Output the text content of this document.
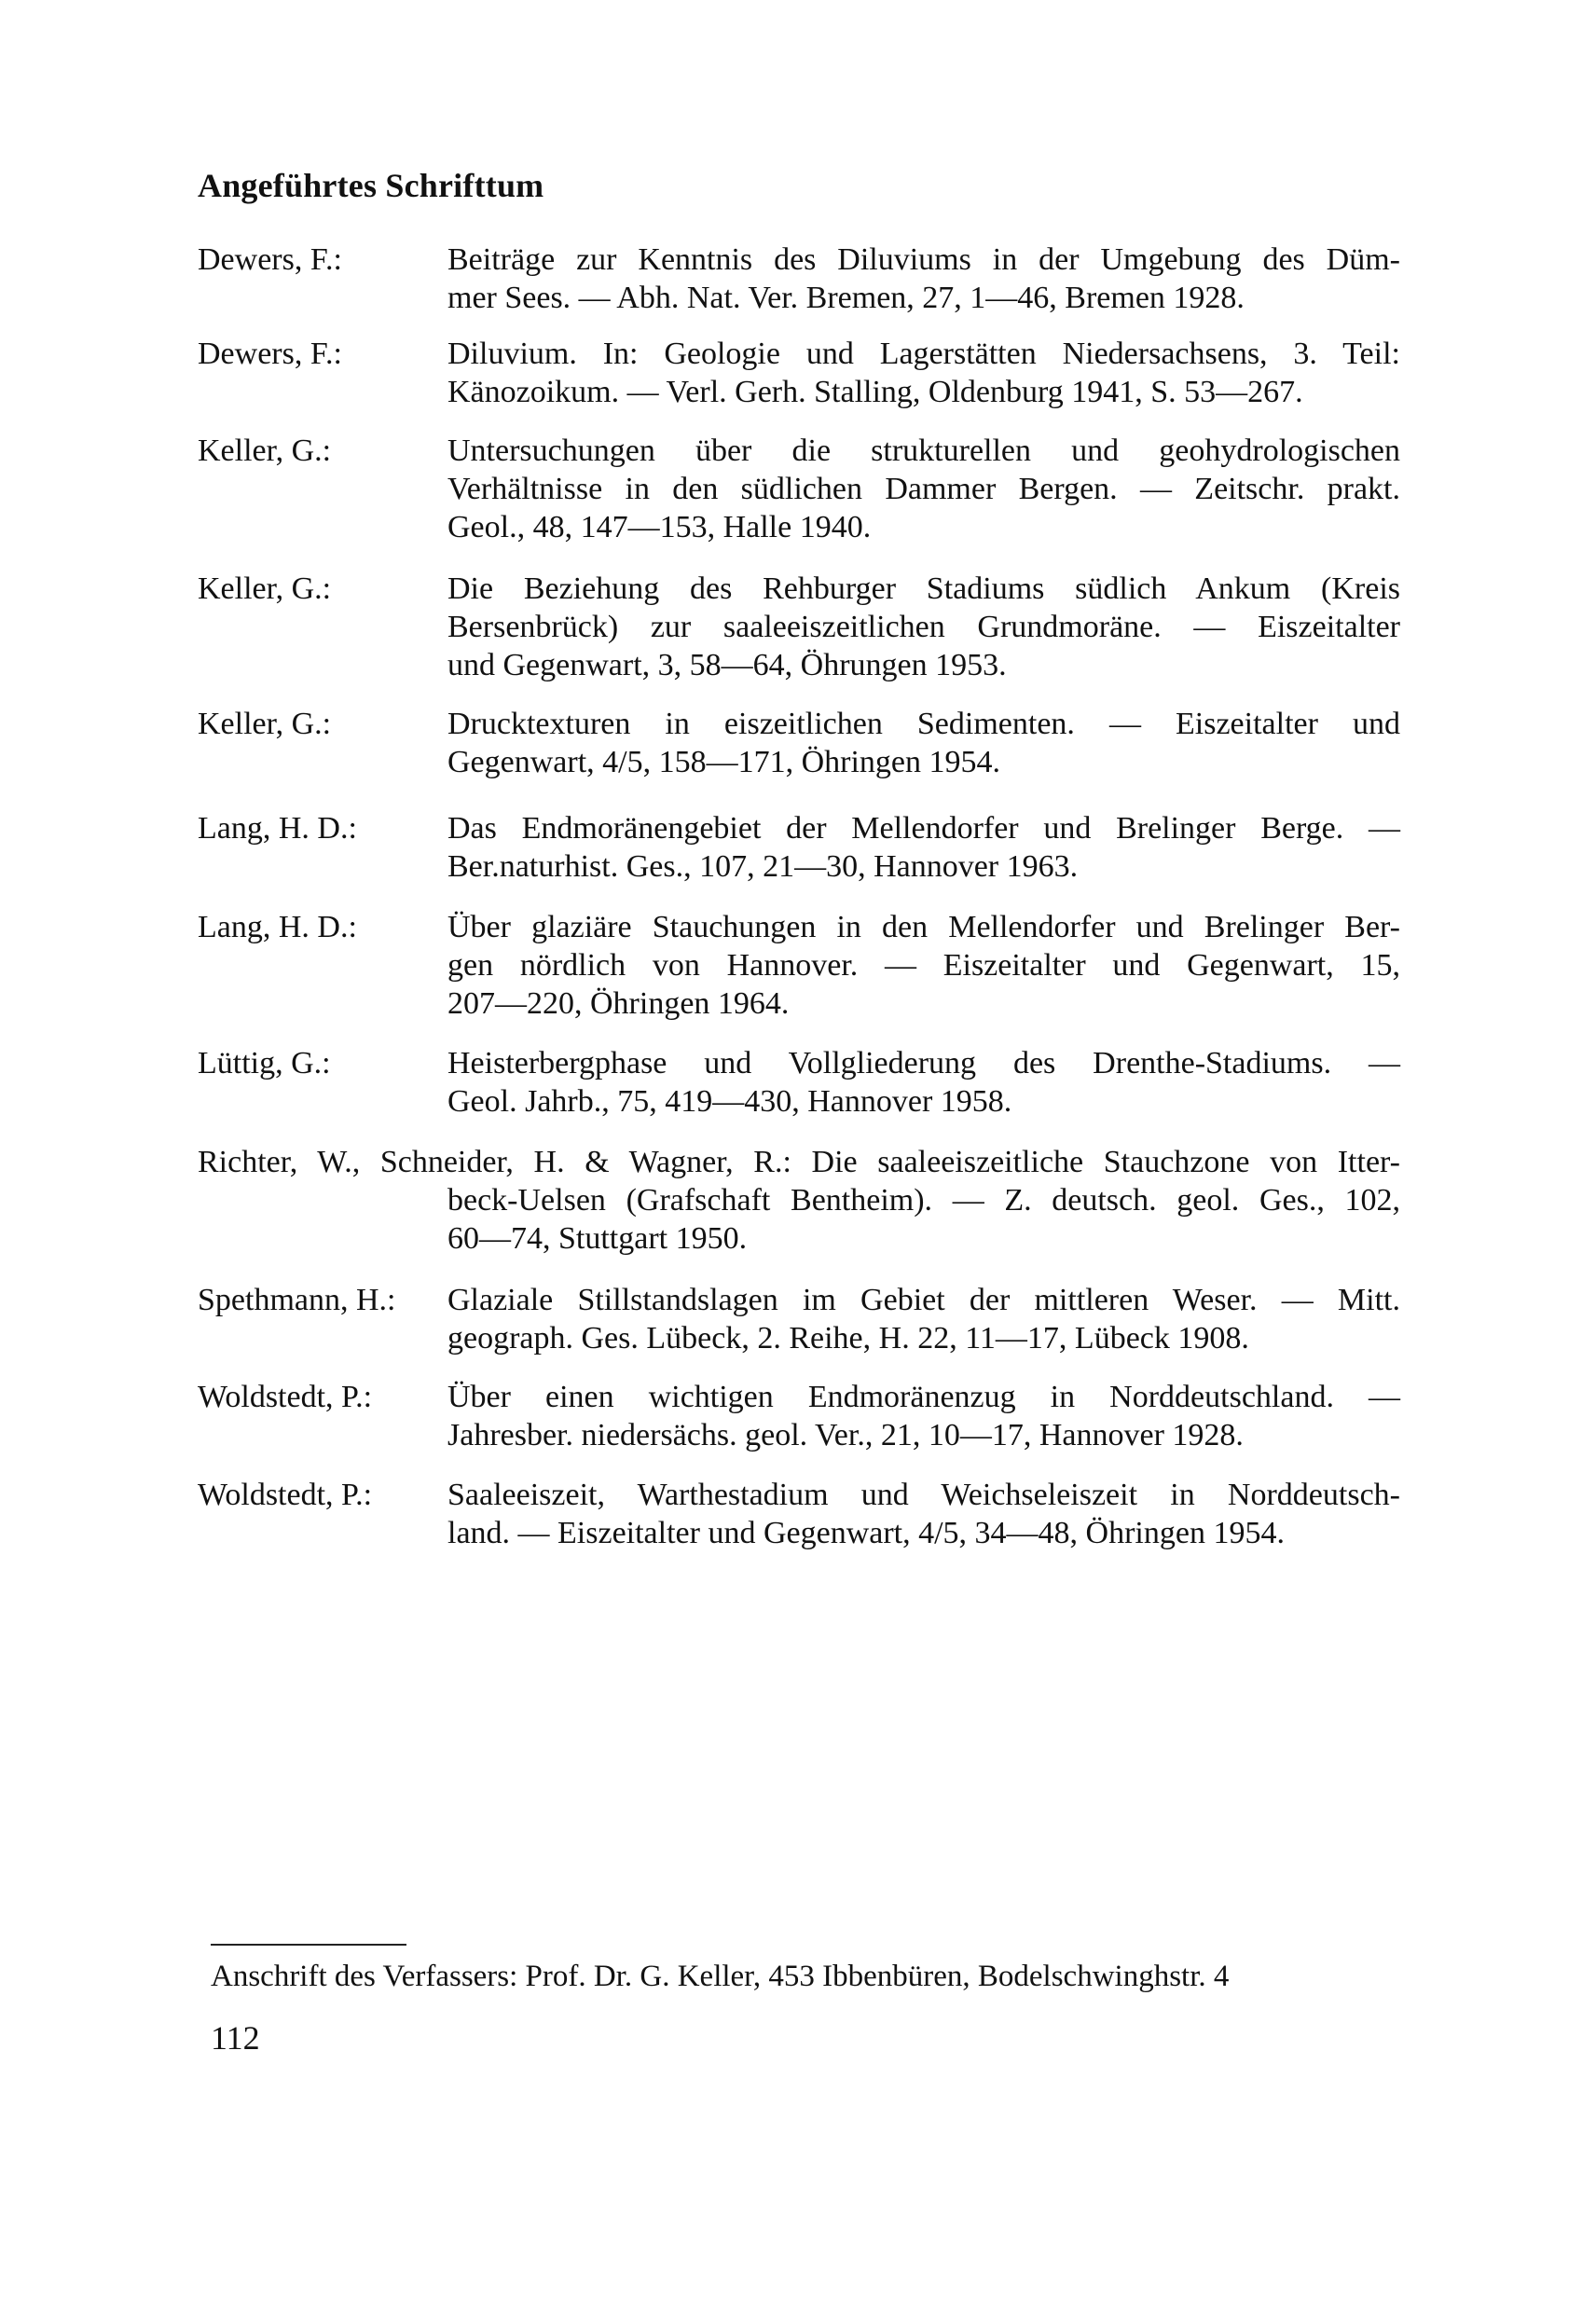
Angeführtes Schrifttum
Dewers, F.:	Beiträge zur Kenntnis des Diluviums in der Umgebung des Düm-
mer Sees. — Abh. Nat. Ver. Bremen, 27, 1—46, Bremen 1928.
Dewers, F.:	Diluvium. In: Geologie und Lagerstätten Niedersachsens, 3. Teil:
Känozoikum. — Verl. Gerh. Stalling, Oldenburg 1941, S. 53—267.
Keller, G.:	Untersuchungen über die strukturellen und geohydrologischen
Verhältnisse in den südlichen Dammer Bergen. — Zeitschr. prakt.
Geol., 48, 147—153, Halle 1940.
Keller, G.:	Die Beziehung des Rehburger Stadiums südlich Ankum (Kreis
Bersenbrück) zur saaleeiszeitlichen Grundmoräne. — Eiszeitalter
und Gegenwart, 3, 58—64, Öhrungen 1953.
Keller, G.:	Drucktexturen in eiszeitlichen Sedimenten. — Eiszeitalter und
Gegenwart, 4/5, 158—171, Öhringen 1954.
Lang, H. D.:	Das Endmoränengebiet der Mellendorfer und Brelinger Berge. —
Ber.naturhist. Ges., 107, 21—30, Hannover 1963.
Lang, H. D.:	Über glaziäre Stauchungen in den Mellendorfer und Brelinger Ber-
gen nördlich von Hannover. — Eiszeitalter und Gegenwart, 15,
207—220, Öhringen 1964.
Lüttig, G.:	Heisterbergphase und Vollgliederung des Drenthe-Stadiums. —
Geol. Jahrb., 75, 419—430, Hannover 1958.
Richter, W., Schneider, H. & Wagner, R.: Die saaleeiszeitliche Stauchzone von Itter-
beck-Uelsen (Grafschaft Bentheim). — Z. deutsch. geol. Ges., 102,
60—74, Stuttgart 1950.
Spethmann, H.: Glaziale Stillstandslagen im Gebiet der mittleren Weser. — Mitt.
geograph. Ges. Lübeck, 2. Reihe, H. 22, 11—17, Lübeck 1908.
Woldstedt, P.: Über einen wichtigen Endmoränenzug in Norddeutschland. —
Jahresber. niedersächs. geol. Ver., 21, 10—17, Hannover 1928.
Woldstedt, P.: Saaleeiszeit, Warthestadium und Weichseleiszeit in Norddeutsch-
land. — Eiszeitalter und Gegenwart, 4/5, 34—48, Öhringen 1954.
Anschrift des Verfassers: Prof. Dr. G. Keller, 453 Ibbenbüren, Bodelschwinghstr. 4
112
